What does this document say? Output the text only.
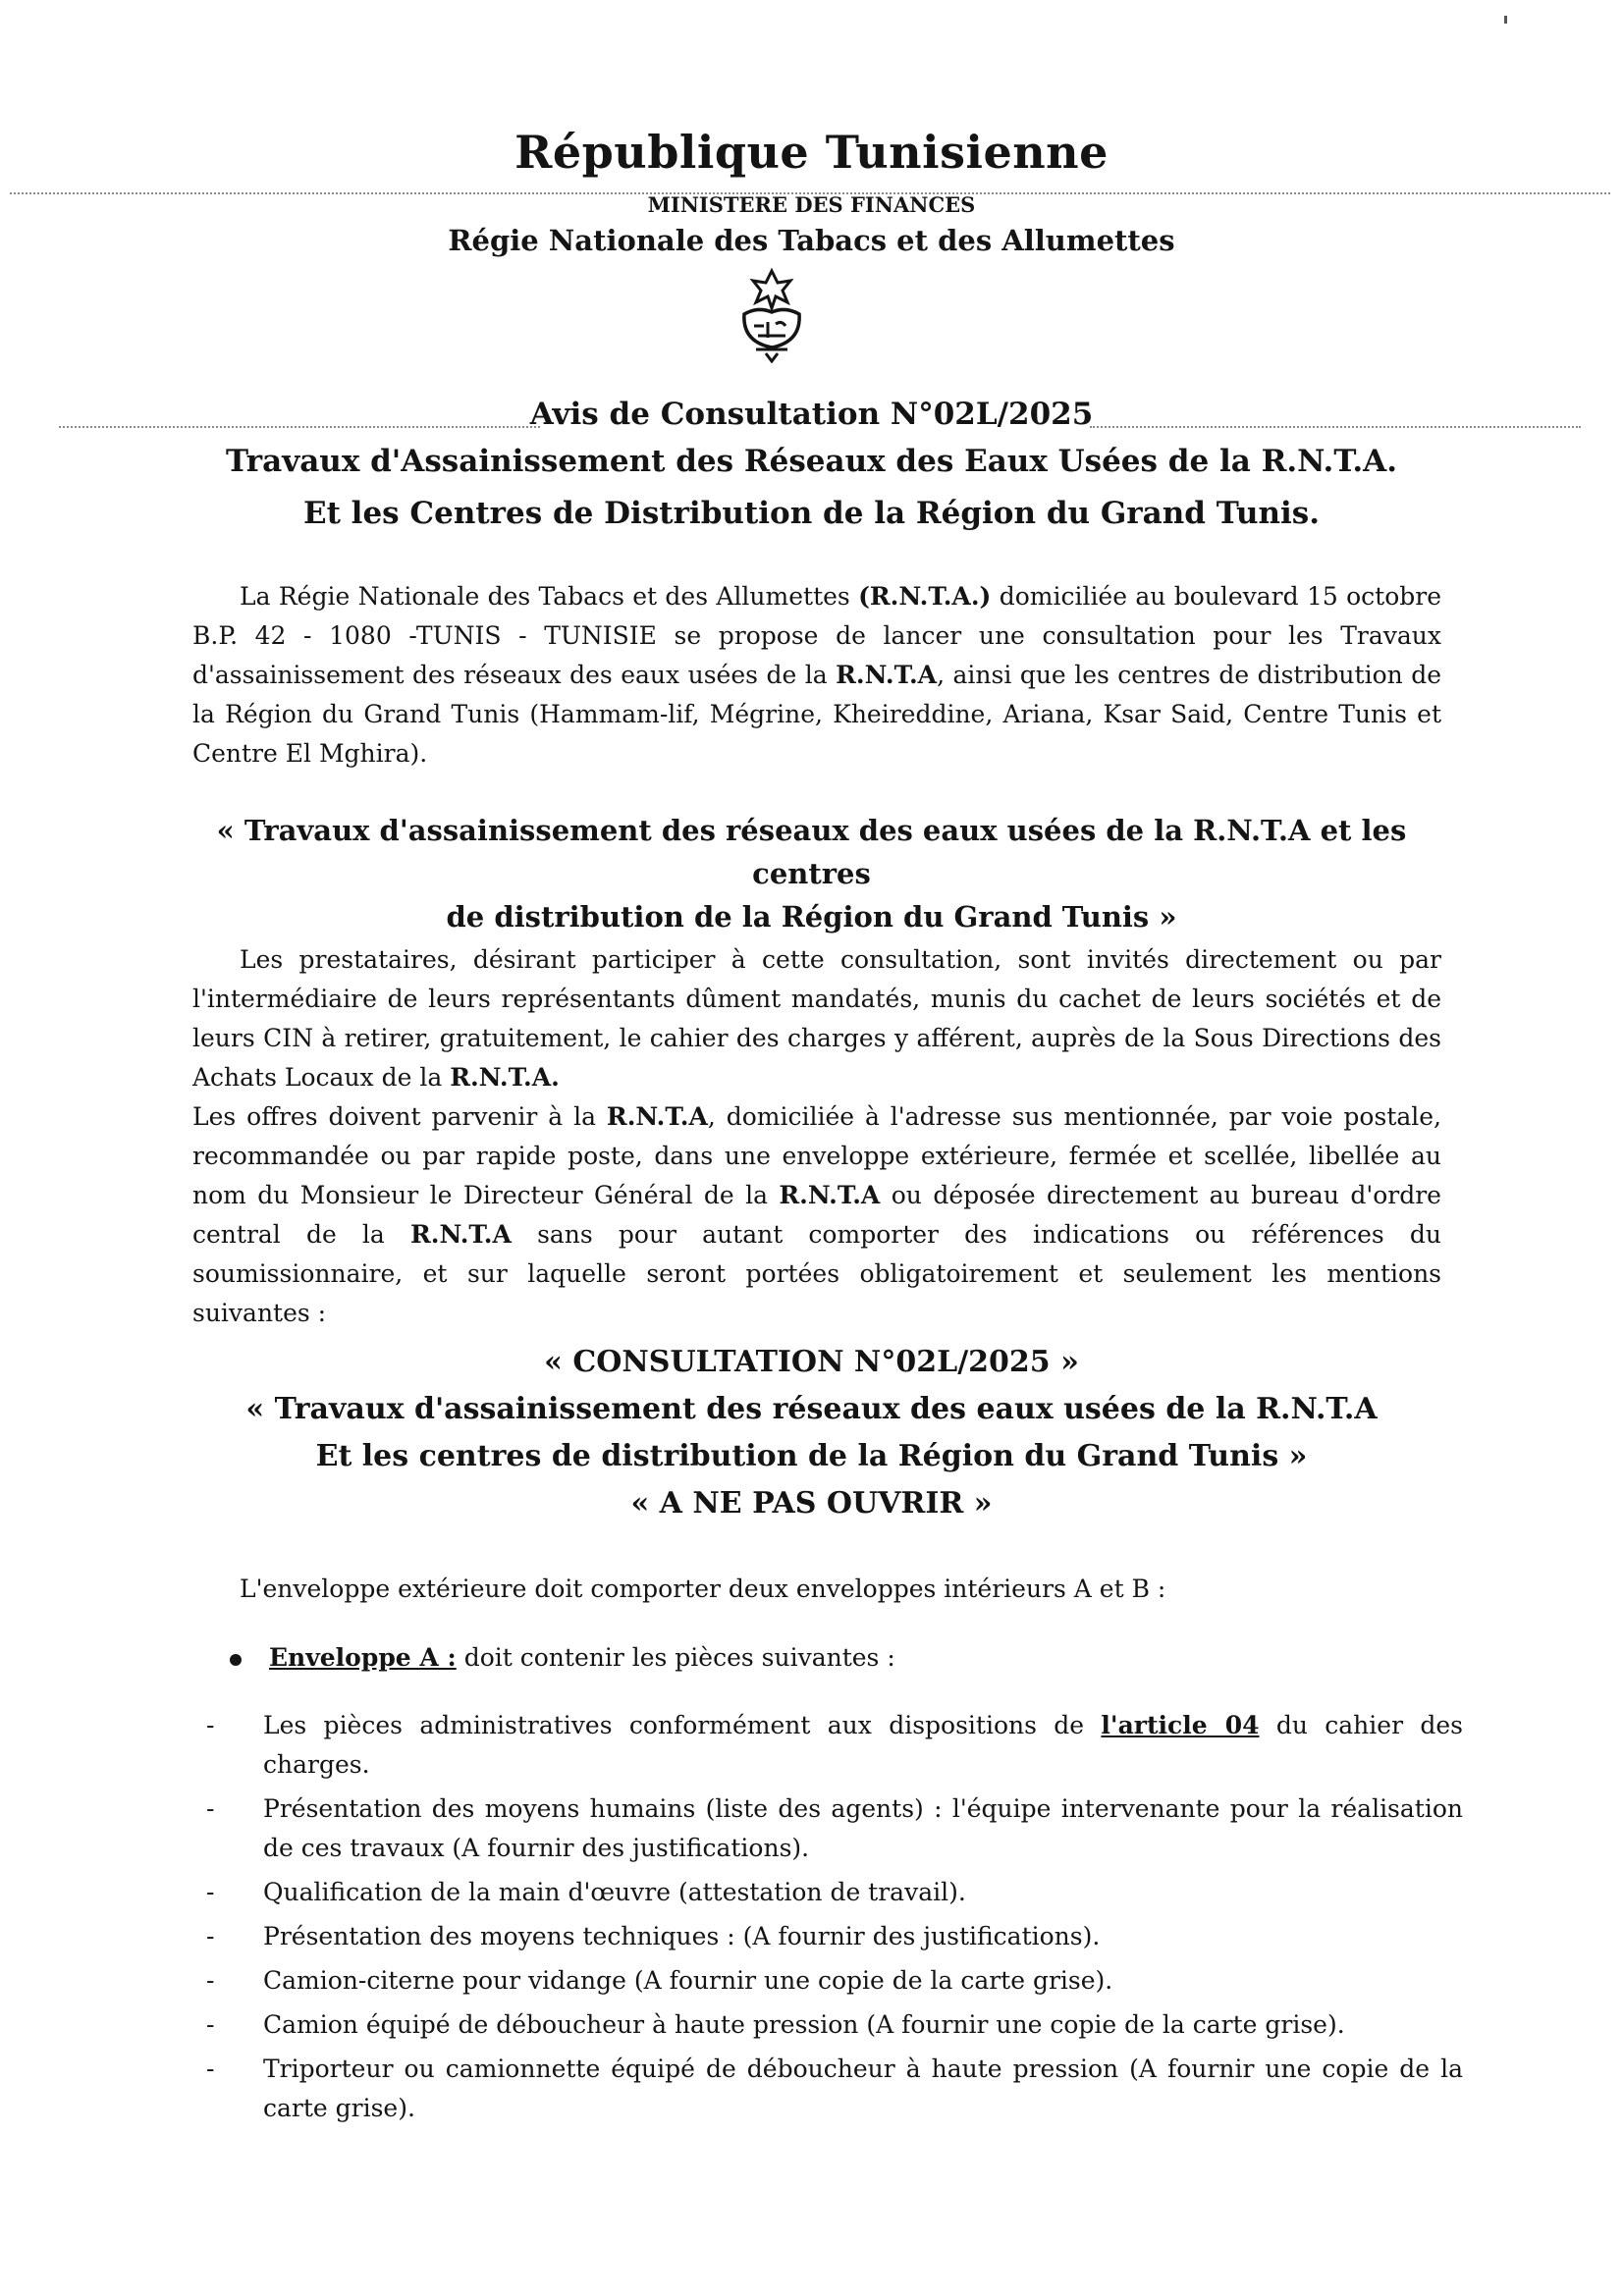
République Tunisienne
MINISTERE DES FINANCES
Régie Nationale des Tabacs et des Allumettes
Avis de Consultation N°02L/2025
Travaux d'Assainissement des Réseaux des Eaux Usées de la R.N.T.A.
Et les Centres de Distribution de la Région du Grand Tunis.
La Régie Nationale des Tabacs et des Allumettes (R.N.T.A.) domiciliée au boulevard 15 octobre B.P. 42 - 1080 -TUNIS - TUNISIE se propose de lancer une consultation pour les Travaux d'assainissement des réseaux des eaux usées de la R.N.T.A, ainsi que les centres de distribution de la Région du Grand Tunis (Hammam-lif, Mégrine, Kheireddine, Ariana, Ksar Said, Centre Tunis et Centre El Mghira).
« Travaux d'assainissement des réseaux des eaux usées de la R.N.T.A et les centres
de distribution de la Région du Grand Tunis »
Les prestataires, désirant participer à cette consultation, sont invités directement ou par l'intermédiaire de leurs représentants dûment mandatés, munis du cachet de leurs sociétés et de leurs CIN à retirer, gratuitement, le cahier des charges y afférent, auprès de la Sous Directions des Achats Locaux de la R.N.T.A.
Les offres doivent parvenir à la R.N.T.A, domiciliée à l'adresse sus mentionnée, par voie postale, recommandée ou par rapide poste, dans une enveloppe extérieure, fermée et scellée, libellée au nom du Monsieur le Directeur Général de la R.N.T.A ou déposée directement au bureau d'ordre central de la R.N.T.A sans pour autant comporter des indications ou références du soumissionnaire, et sur laquelle seront portées obligatoirement et seulement les mentions suivantes :
« CONSULTATION N°02L/2025 »
« Travaux d'assainissement des réseaux des eaux usées de la R.N.T.A
Et les centres de distribution de la Région du Grand Tunis »
« A NE PAS OUVRIR »
L'enveloppe extérieure doit comporter deux enveloppes intérieurs A et B :
Enveloppe A : doit contenir les pièces suivantes :
- Les pièces administratives conformément aux dispositions de l'article 04 du cahier des charges.
- Présentation des moyens humains (liste des agents) : l'équipe intervenante pour la réalisation de ces travaux (A fournir des justifications).
- Qualification de la main d'œuvre (attestation de travail).
- Présentation des moyens techniques : (A fournir des justifications).
- Camion-citerne pour vidange (A fournir une copie de la carte grise).
- Camion équipé de déboucheur à haute pression (A fournir une copie de la carte grise).
- Triporteur ou camionnette équipé de déboucheur à haute pression (A fournir une copie de la carte grise).
